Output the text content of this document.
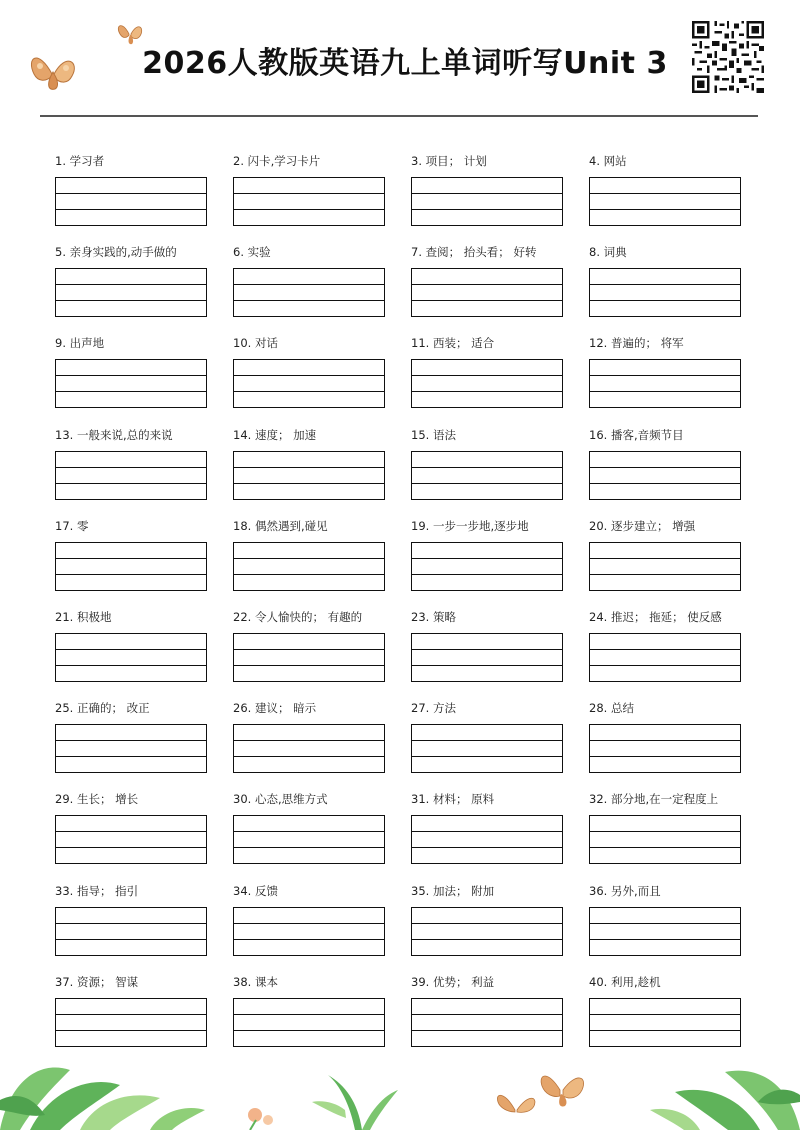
2026人教版英语九上单词听写Unit 3
1. 学习者	2. 闪卡,学习卡片	3. 项目； 计划	4. 网站
5. 亲身实践的,动手做的	6. 实验	7. 查阅； 抬头看； 好转	8. 词典
9. 出声地	10. 对话	11. 西装； 适合	12. 普遍的； 将军
13. 一般来说,总的来说	14. 速度； 加速	15. 语法	16. 播客,音频节目
17. 零	18. 偶然遇到,碰见	19. 一步一步地,逐步地	20. 逐步建立； 增强
21. 积极地	22. 令人愉快的； 有趣的	23. 策略	24. 推迟； 拖延； 使反感
25. 正确的； 改正	26. 建议； 暗示	27. 方法	28. 总结
29. 生长； 增长	30. 心态,思维方式	31. 材料； 原料	32. 部分地,在一定程度上
33. 指导； 指引	34. 反馈	35. 加法； 附加	36. 另外,而且
37. 资源； 智谋	38. 课本	39. 优势； 利益	40. 利用,趁机
